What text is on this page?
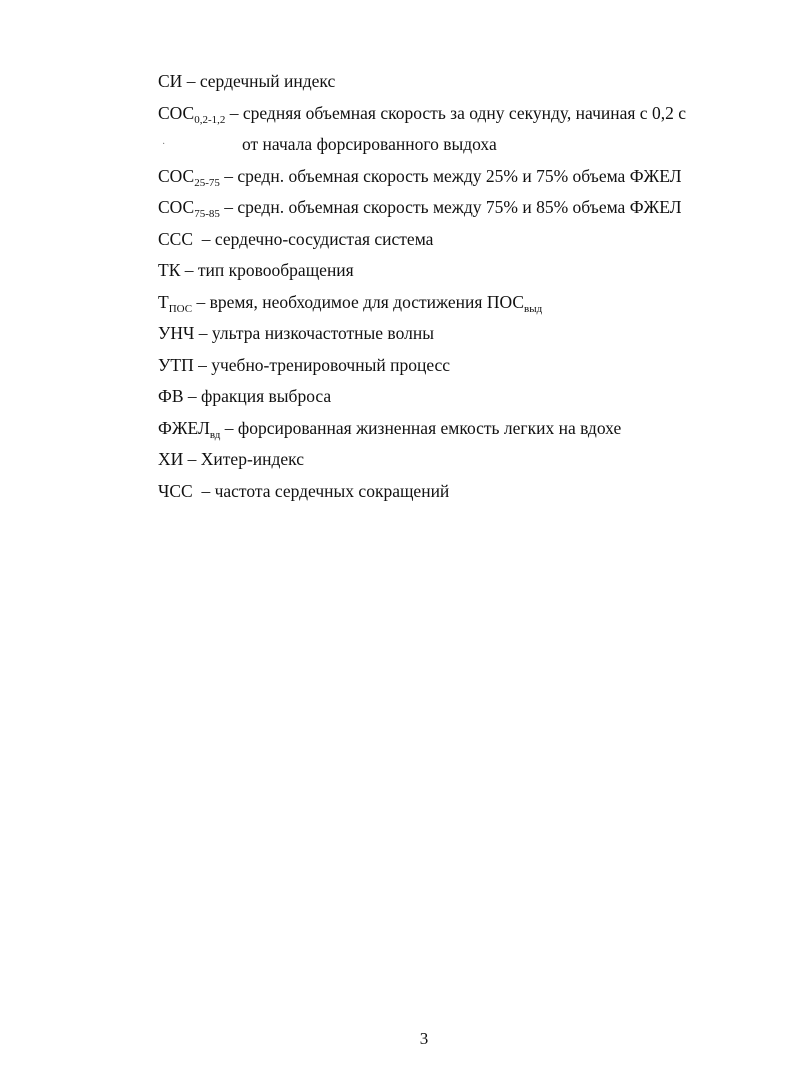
СИ – сердечный индекс
$СОС_{0,2-1,2}$ – средняя объемная скорость за одну секунду, начиная с 0,2 с
·	от начала форсированного выдоха
$СОС_{25-75}$ – средн. объемная скорость между 25% и 75% объема ФЖЕЛ
$СОС_{75-85}$ – средн. объемная скорость между 75% и 85% объема ФЖЕЛ
ССС  – сердечно-сосудистая система
ТК – тип кровообращения
$Т_{ПОС}$ – время, необходимое для достижения $ПОС_{выд}$
УНЧ – ультра низкочастотные волны
УТП – учебно-тренировочный процесс
ФВ – фракция выброса
$ФЖЕЛ_{вд}$ – форсированная жизненная емкость легких на вдохе
ХИ – Хитер-индекс
ЧСС  – частота сердечных сокращений
3
